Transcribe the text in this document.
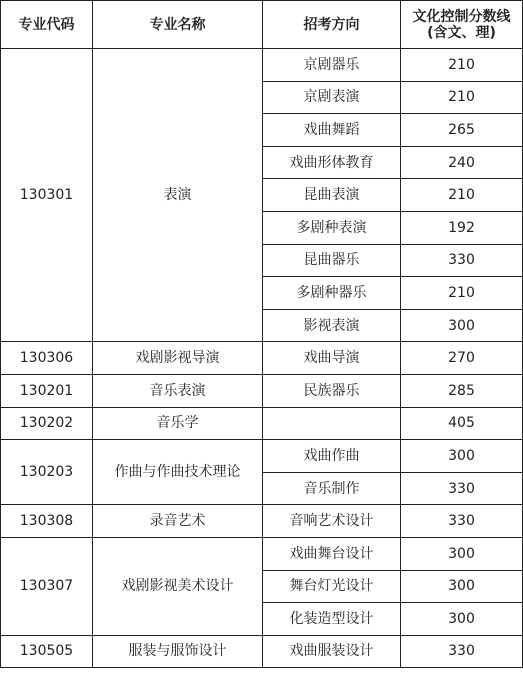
专业代码	专业名称	招考方向	文化控制分数线
(含文、理)

130301	表演	京剧器乐	210
		京剧表演	210
		戏曲舞蹈	265
		戏曲形体教育	240
		昆曲表演	210
		多剧种表演	192
		昆曲器乐	330
		多剧种器乐	210
		影视表演	300
130306	戏剧影视导演	戏曲导演	270
130201	音乐表演	民族器乐	285
130202	音乐学		405
130203	作曲与作曲技术理论	戏曲作曲	300
		音乐制作	330
130308	录音艺术	音响艺术设计	330
130307	戏剧影视美术设计	戏曲舞台设计	300
		舞台灯光设计	300
		化装造型设计	300
130505	服装与服饰设计	戏曲服装设计	330
